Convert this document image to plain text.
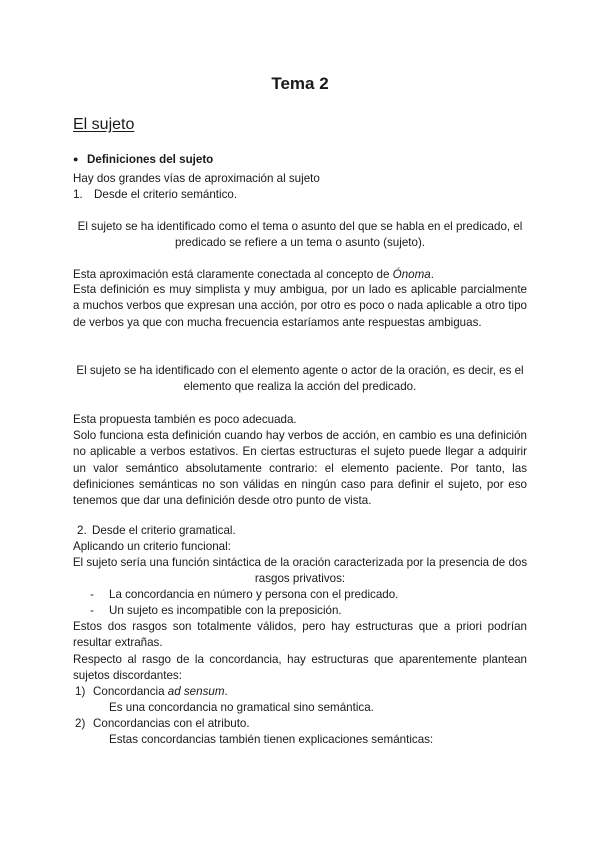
Tema 2
El sujeto
● Definiciones del sujeto
Hay dos grandes vías de aproximación al sujeto
1. Desde el criterio semántico.
El sujeto se ha identificado como el tema o asunto del que se habla en el predicado, el predicado se refiere a un tema o asunto (sujeto).
Esta aproximación está claramente conectada al concepto de Ónoma.
Esta definición es muy simplista y muy ambigua, por un lado es aplicable parcialmente a muchos verbos que expresan una acción, por otro es poco o nada aplicable a otro tipo de verbos ya que con mucha frecuencia estaríamos ante respuestas ambiguas.
El sujeto se ha identificado con el elemento agente o actor de la oración, es decir, es el elemento que realiza la acción del predicado.
Esta propuesta también es poco adecuada.
Solo funciona esta definición cuando hay verbos de acción, en cambio es una definición no aplicable a verbos estativos. En ciertas estructuras el sujeto puede llegar a adquirir un valor semántico absolutamente contrario: el elemento paciente. Por tanto, las definiciones semánticas no son válidas en ningún caso para definir el sujeto, por eso tenemos que dar una definición desde otro punto de vista.
2. Desde el criterio gramatical.
Aplicando un criterio funcional:
El sujeto sería una función sintáctica de la oración caracterizada por la presencia de dos rasgos privativos:
- La concordancia en número y persona con el predicado.
- Un sujeto es incompatible con la preposición.
Estos dos rasgos son totalmente válidos, pero hay estructuras que a priori podrían resultar extrañas.
Respecto al rasgo de la concordancia, hay estructuras que aparentemente plantean sujetos discordantes:
1) Concordancia ad sensum.
Es una concordancia no gramatical sino semántica.
2) Concordancias con el atributo.
Estas concordancias también tienen explicaciones semánticas:
